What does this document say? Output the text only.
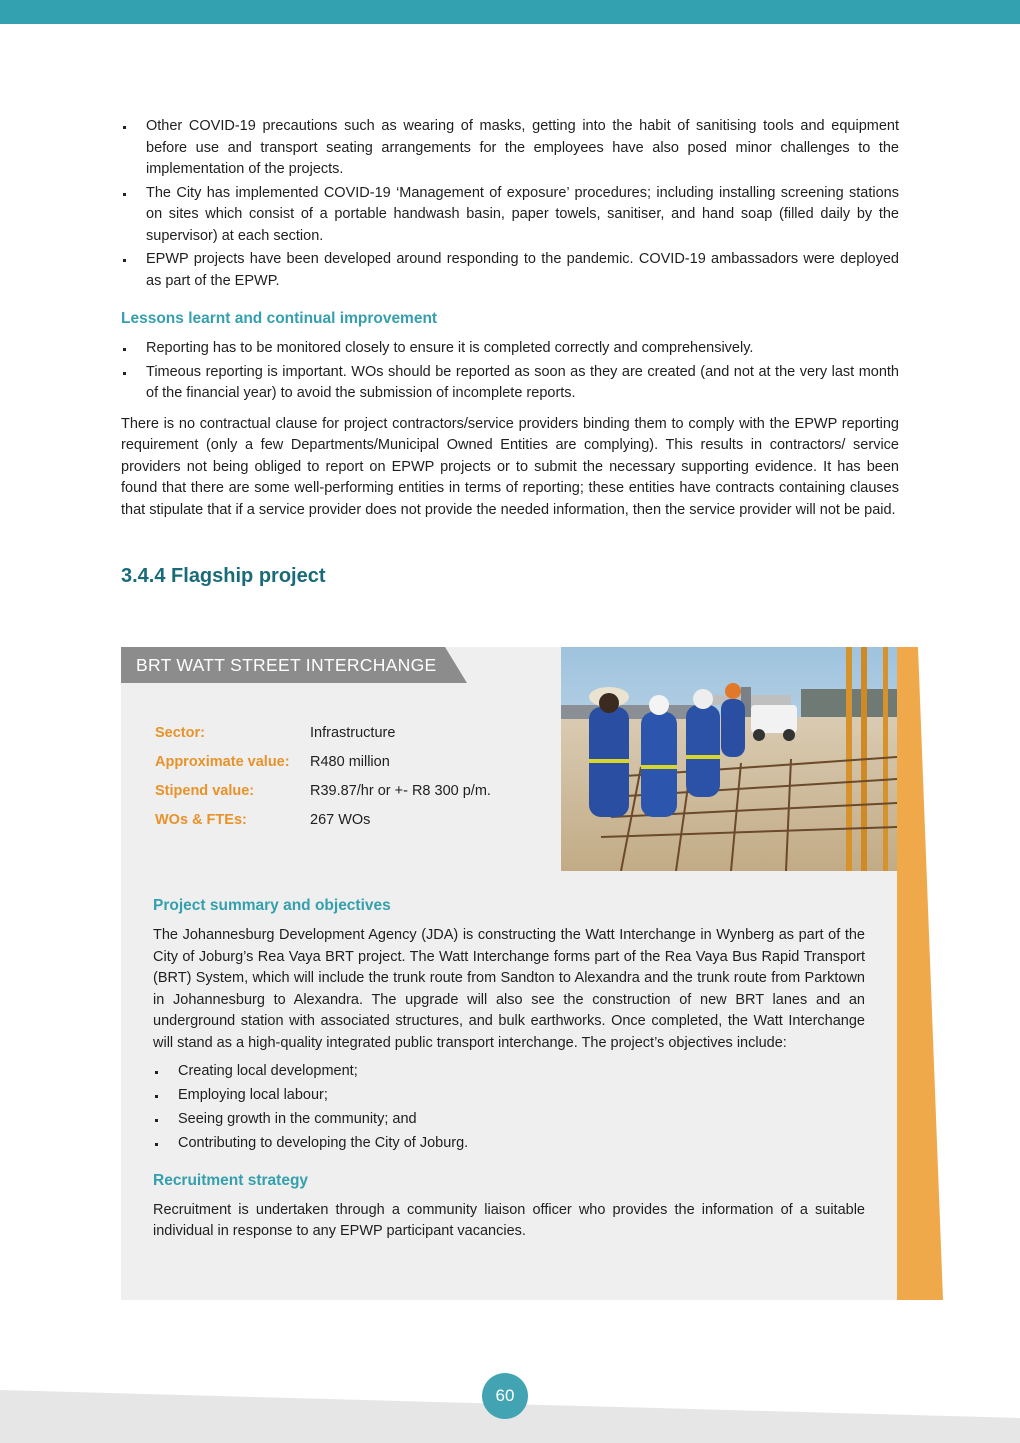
Other COVID-19 precautions such as wearing of masks, getting into the habit of sanitising tools and equipment before use and transport seating arrangements for the employees have also posed minor challenges to the implementation of the projects.
The City has implemented COVID-19 ‘Management of exposure’ procedures; including installing screening stations on sites which consist of a portable handwash basin, paper towels, sanitiser, and hand soap (filled daily by the supervisor) at each section.
EPWP projects have been developed around responding to the pandemic. COVID-19 ambassadors were deployed as part of the EPWP.
Lessons learnt and continual improvement
Reporting has to be monitored closely to ensure it is completed correctly and comprehensively.
Timeous reporting is important. WOs should be reported as soon as they are created (and not at the very last month of the financial year) to avoid the submission of incomplete reports.

There is no contractual clause for project contractors/service providers binding them to comply with the EPWP reporting requirement (only a few Departments/Municipal Owned Entities are complying). This results in contractors/ service providers not being obliged to report on EPWP projects or to submit the necessary supporting evidence. It has been found that there are some well-performing entities in terms of reporting; these entities have contracts containing clauses that stipulate that if a service provider does not provide the needed information, then the service provider will not be paid.

3.4.4 Flagship project
BRT WATT STREET INTERCHANGE
Sector:	Infrastructure
Approximate value:	R480 million
Stipend value:	R39.87/hr or +- R8 300 p/m.
WOs & FTEs:	267 WOs
Project summary and objectives

The Johannesburg Development Agency (JDA) is constructing the Watt Interchange in Wynberg as part of the City of Joburg’s Rea Vaya BRT project. The Watt Interchange forms part of the Rea Vaya Bus Rapid Transport (BRT) System, which will include the trunk route from Sandton to Alexandra and the trunk route from Parktown in Johannesburg to Alexandra. The upgrade will also see the construction of new BRT lanes and an underground station with associated structures, and bulk earthworks. Once completed, the Watt Interchange will stand as a high-quality integrated public transport interchange. The project’s objectives include:

Creating local development;
Employing local labour;
Seeing growth in the community; and
Contributing to developing the City of Joburg.
Recruitment strategy

Recruitment is undertaken through a community liaison officer who provides the information of a suitable individual in response to any EPWP participant vacancies.

60
